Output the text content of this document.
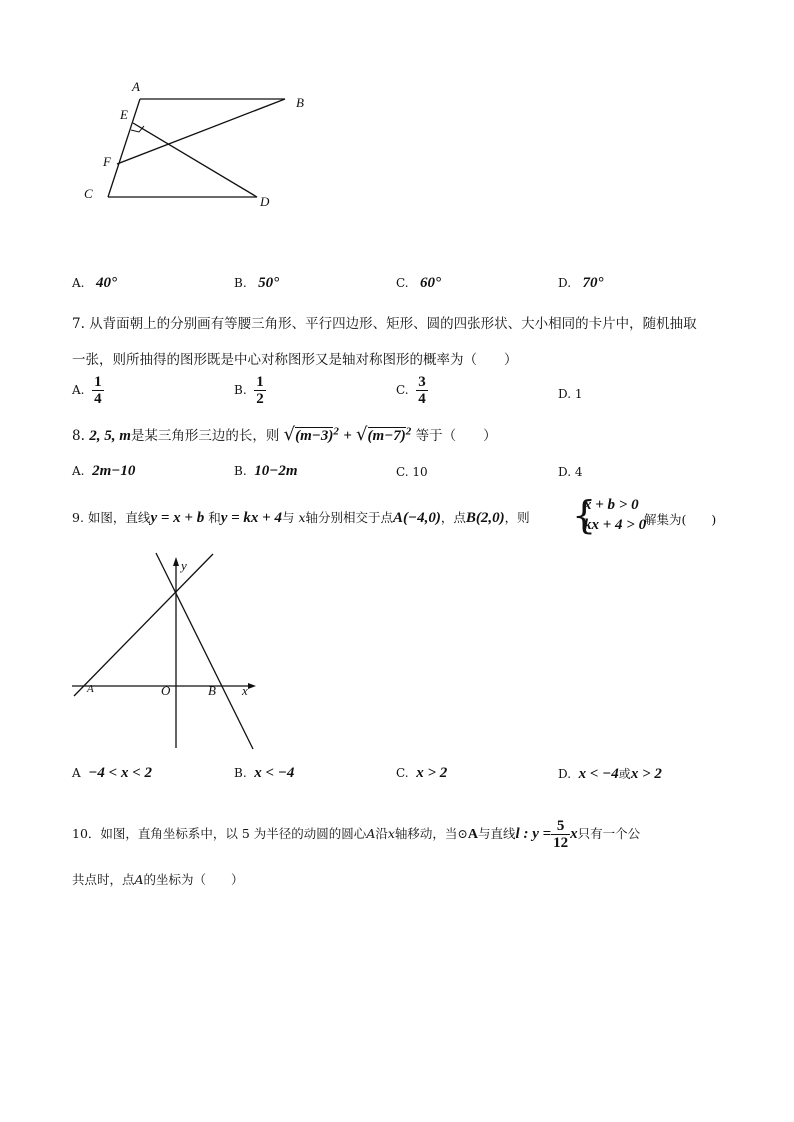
A
B
E
F
C
D
A. 40°	B. 50°	C. 60°	D. 70°
7. 从背面朝上的分别画有等腰三角形、平行四边形、矩形、圆的四张形状、大小相同的卡片中，随机抽取
一张，则所抽得的图形既是中心对称图形又是轴对称图形的概率为（　　）
A. $\frac{1}{4}$	B. $\frac{1}{2}$	C. $\frac{3}{4}$	D. 1
8. 2, 5, m是某三角形三边的长，则 $√(m-3)^2 + √(m-7)^2$ 等于（　　）
A. 2m−10	B. 10−2m	C. 10	D. 4
9. 如图，直线y = x + b 和y = kx + 4与 x轴分别相交于点A(−4,0)，点B(2,0)，则 {
x + b > 0
kx + 4 > 0
解集为(　　)
y
x
A	O	B
A −4 < x < 2	B. x < −4	C. x > 2	D. x < −4或x > 2
10．如图，直角坐标系中，以 5 为半径的动圆的圆心A沿x轴移动，当⊙A与直线l : $y = \frac{5}{12}$ x只有一个公
共点时，点A的坐标为（　　）
